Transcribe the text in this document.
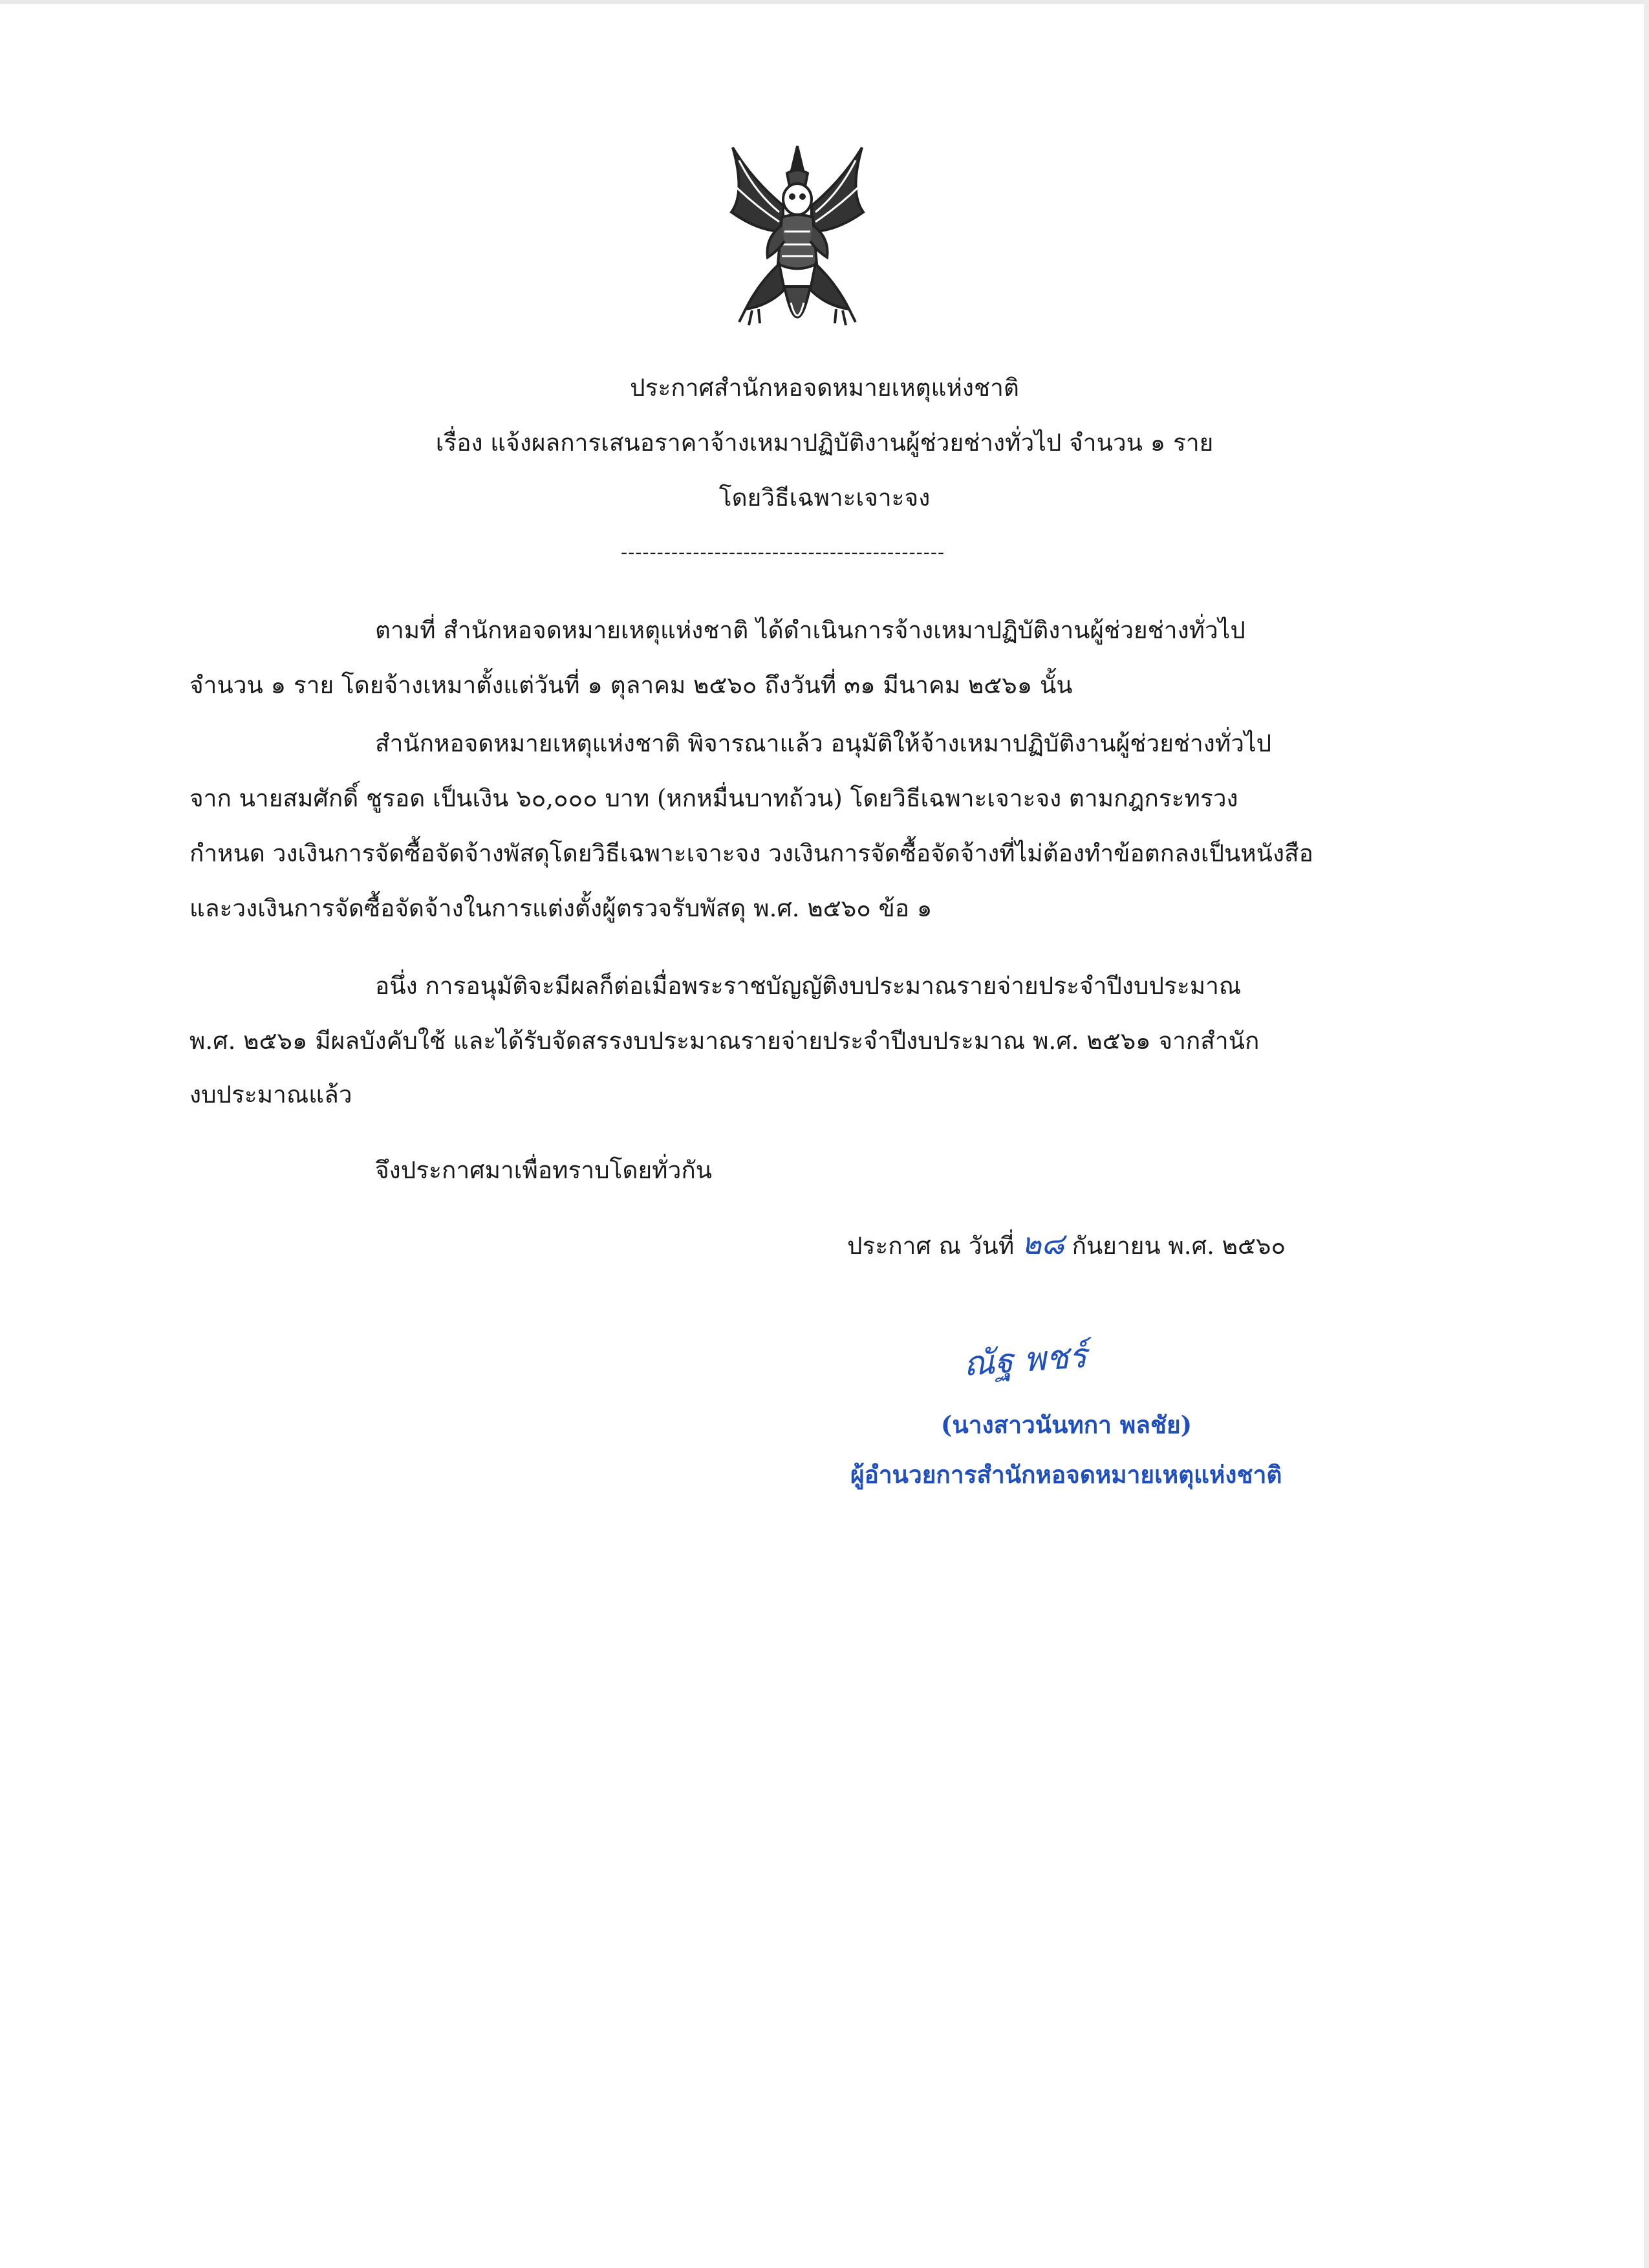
ประกาศสำนักหอจดหมายเหตุแห่งชาติ
เรื่อง แจ้งผลการเสนอราคาจ้างเหมาปฏิบัติงานผู้ช่วยช่างทั่วไป จำนวน ๑ ราย
โดยวิธีเฉพาะเจาะจง
---------------------------------------------
ตามที่ สำนักหอจดหมายเหตุแห่งชาติ ได้ดำเนินการจ้างเหมาปฏิบัติงานผู้ช่วยช่างทั่วไป
จำนวน ๑ ราย โดยจ้างเหมาตั้งแต่วันที่ ๑ ตุลาคม ๒๕๖๐ ถึงวันที่ ๓๑ มีนาคม ๒๕๖๑ นั้น
สำนักหอจดหมายเหตุแห่งชาติ พิจารณาแล้ว อนุมัติให้จ้างเหมาปฏิบัติงานผู้ช่วยช่างทั่วไป
จาก นายสมศักดิ์ ชูรอด เป็นเงิน ๖๐,๐๐๐ บาท (หกหมื่นบาทถ้วน) โดยวิธีเฉพาะเจาะจง ตามกฎกระทรวง
กำหนด วงเงินการจัดซื้อจัดจ้างพัสดุโดยวิธีเฉพาะเจาะจง วงเงินการจัดซื้อจัดจ้างที่ไม่ต้องทำข้อตกลงเป็นหนังสือ
และวงเงินการจัดซื้อจัดจ้างในการแต่งตั้งผู้ตรวจรับพัสดุ พ.ศ. ๒๕๖๐ ข้อ ๑
อนึ่ง การอนุมัติจะมีผลก็ต่อเมื่อพระราชบัญญัติงบประมาณรายจ่ายประจำปีงบประมาณ
พ.ศ. ๒๕๖๑ มีผลบังคับใช้ และได้รับจัดสรรงบประมาณรายจ่ายประจำปีงบประมาณ พ.ศ. ๒๕๖๑ จากสำนัก
งบประมาณแล้ว
จึงประกาศมาเพื่อทราบโดยทั่วกัน
ประกาศ ณ วันที่ ๒๘ กันยายน พ.ศ. ๒๕๖๐
ณัฐ พชร์
(นางสาวนันทกา พลชัย)
ผู้อำนวยการสำนักหอจดหมายเหตุแห่งชาติ
